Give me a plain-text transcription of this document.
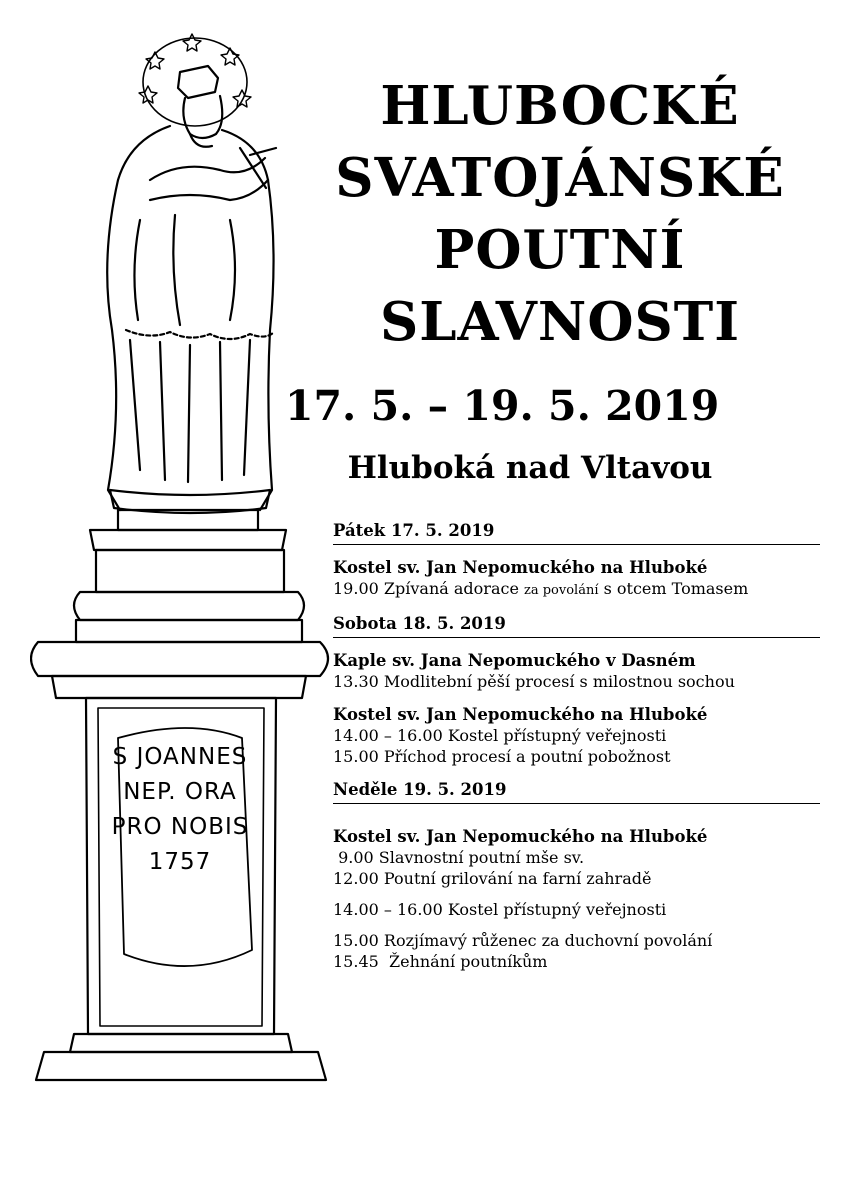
S JOANNES
NEP. ORA
PRO NOBIS
1757
HLUBOCKÉ
SVATOJÁNSKÉ
POUTNÍ
SLAVNOSTI
17. 5. – 19. 5. 2019
Hluboká nad Vltavou
Pátek 17. 5. 2019
Kostel sv. Jan Nepomuckého na Hluboké
19.00 Zpívaná adorace za povolání s otcem Tomasem
Sobota 18. 5. 2019
Kaple sv. Jana Nepomuckého v Dasném
13.30 Modlitební pěší procesí s milostnou sochou
Kostel sv. Jan Nepomuckého na Hluboké
14.00 – 16.00 Kostel přístupný veřejnosti
15.00 Příchod procesí a poutní pobožnost
Neděle 19. 5. 2019
Kostel sv. Jan Nepomuckého na Hluboké
9.00 Slavnostní poutní mše sv.
12.00 Poutní grilování na farní zahradě
14.00 – 16.00 Kostel přístupný veřejnosti
15.00 Rozjímavý růženec za duchovní povolání
15.45  Žehnání poutníkům
